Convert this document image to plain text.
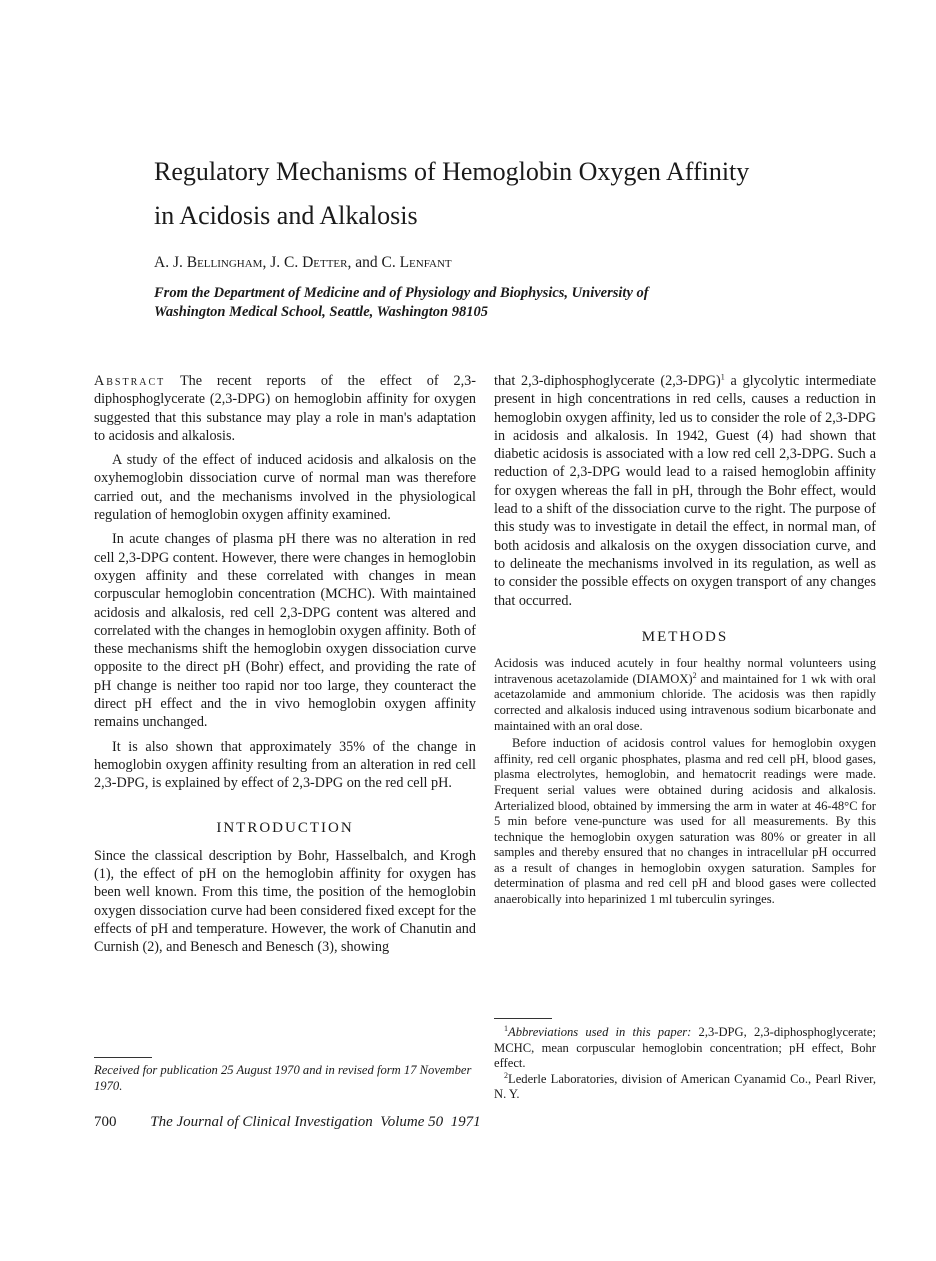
Regulatory Mechanisms of Hemoglobin Oxygen Affinity in Acidosis and Alkalosis

A. J. Bellingham, J. C. Detter, and C. Lenfant

From the Department of Medicine and of Physiology and Biophysics, University of Washington Medical School, Seattle, Washington 98105

Abstract The recent reports of the effect of 2,3-diphosphoglycerate (2,3-DPG) on hemoglobin affinity for oxygen suggested that this substance may play a role in man's adaptation to acidosis and alkalosis.

A study of the effect of induced acidosis and alkalosis on the oxyhemoglobin dissociation curve of normal man was therefore carried out, and the mechanisms involved in the physiological regulation of hemoglobin oxygen affinity examined.

In acute changes of plasma pH there was no alteration in red cell 2,3-DPG content. However, there were changes in hemoglobin oxygen affinity and these correlated with changes in mean corpuscular hemoglobin concentration (MCHC). With maintained acidosis and alkalosis, red cell 2,3-DPG content was altered and correlated with the changes in hemoglobin oxygen affinity. Both of these mechanisms shift the hemoglobin oxygen dissociation curve opposite to the direct pH (Bohr) effect, and providing the rate of pH change is neither too rapid nor too large, they counteract the direct pH effect and the in vivo hemoglobin oxygen affinity remains unchanged.

It is also shown that approximately 35% of the change in hemoglobin oxygen affinity resulting from an alteration in red cell 2,3-DPG, is explained by effect of 2,3-DPG on the red cell pH.

INTRODUCTION

Since the classical description by Bohr, Hasselbalch, and Krogh (1), the effect of pH on the hemoglobin affinity for oxygen has been well known. From this time, the position of the hemoglobin oxygen dissociation curve had been considered fixed except for the effects of pH and temperature. However, the work of Chanutin and Curnish (2), and Benesch and Benesch (3), showing

that 2,3-diphosphoglycerate $(2,3-DPG)^1$ a glycolytic intermediate present in high concentrations in red cells, causes a reduction in hemoglobin oxygen affinity, led us to consider the role of 2,3-DPG in acidosis and alkalosis. In 1942, Guest (4) had shown that diabetic acidosis is associated with a low red cell 2,3-DPG. Such a reduction of 2,3-DPG would lead to a raised hemoglobin affinity for oxygen whereas the fall in pH, through the Bohr effect, would lead to a shift of the dissociation curve to the right. The purpose of this study was to investigate in detail the effect, in normal man, of both acidosis and alkalosis on the oxygen dissociation curve, and to delineate the mechanisms involved in its regulation, as well as to consider the possible effects on oxygen transport of any changes that occurred.

METHODS

Acidosis was induced acutely in four healthy normal volunteers using intravenous acetazolamide (DIAMOX)$^2$ and maintained for 1 wk with oral acetazolamide and ammonium chloride. The acidosis was then rapidly corrected and alkalosis induced using intravenous sodium bicarbonate and maintained with an oral dose.

Before induction of acidosis control values for hemoglobin oxygen affinity, red cell organic phosphates, plasma and red cell pH, blood gases, plasma electrolytes, hemoglobin, and hematocrit readings were made. Frequent serial values were obtained during acidosis and alkalosis. Arterialized blood, obtained by immersing the arm in water at 46-48°C for 5 min before vene-puncture was used for all measurements. By this technique the hemoglobin oxygen saturation was 80% or greater in all samples and thereby ensured that no changes in intracellular pH occurred as a result of changes in hemoglobin oxygen saturation. Samples for determination of plasma and red cell pH and blood gases were collected anaerobically into heparinized 1 ml tuberculin syringes.

$^1$Abbreviations used in this paper: 2,3-DPG, 2,3-diphosphoglycerate; MCHC, mean corpuscular hemoglobin concentration; pH effect, Bohr effect.

$^2$Lederle Laboratories, division of American Cyanamid Co., Pearl River, N. Y.

Received for publication 25 August 1970 and in revised form 17 November 1970.
700 The Journal of Clinical Investigation  Volume 50  1971
